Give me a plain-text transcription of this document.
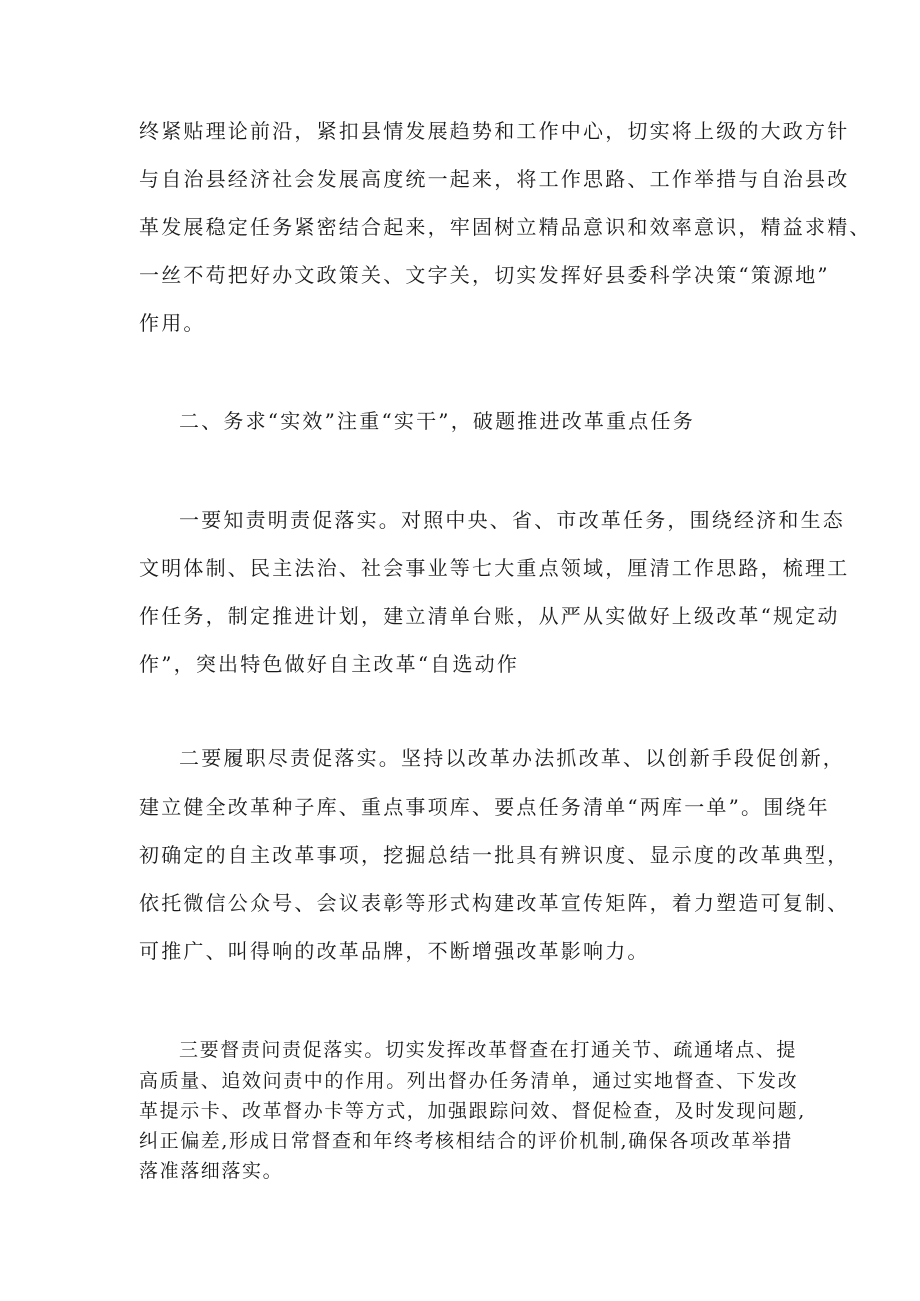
终紧贴理论前沿，紧扣县情发展趋势和工作中心，切实将上级的大政方针

与自治县经济社会发展高度统一起来，将工作思路、工作举措与自治县改

革发展稳定任务紧密结合起来，牢固树立精品意识和效率意识，精益求精、

一丝不苟把好办文政策关、文字关，切实发挥好县委科学决策“策源地”

作用。

二、务求“实效”注重“实干”，破题推进改革重点任务

一要知责明责促落实。对照中央、省、市改革任务，围绕经济和生态

文明体制、民主法治、社会事业等七大重点领域，厘清工作思路，梳理工

作任务，制定推进计划，建立清单台账，从严从实做好上级改革“规定动

作”，突出特色做好自主改革“自选动作

二要履职尽责促落实。坚持以改革办法抓改革、以创新手段促创新，

建立健全改革种子库、重点事项库、要点任务清单“两库一单”。围绕年

初确定的自主改革事项，挖掘总结一批具有辨识度、显示度的改革典型，

依托微信公众号、会议表彰等形式构建改革宣传矩阵，着力塑造可复制、

可推广、叫得响的改革品牌，不断增强改革影响力。

三要督责问责促落实。切实发挥改革督查在打通关节、疏通堵点、提

高质量、追效问责中的作用。列出督办任务清单，通过实地督查、下发改

革提示卡、改革督办卡等方式，加强跟踪问效、督促检查，及时发现问题,

纠正偏差,形成日常督查和年终考核相结合的评价机制,确保各项改革举措

落准落细落实。
